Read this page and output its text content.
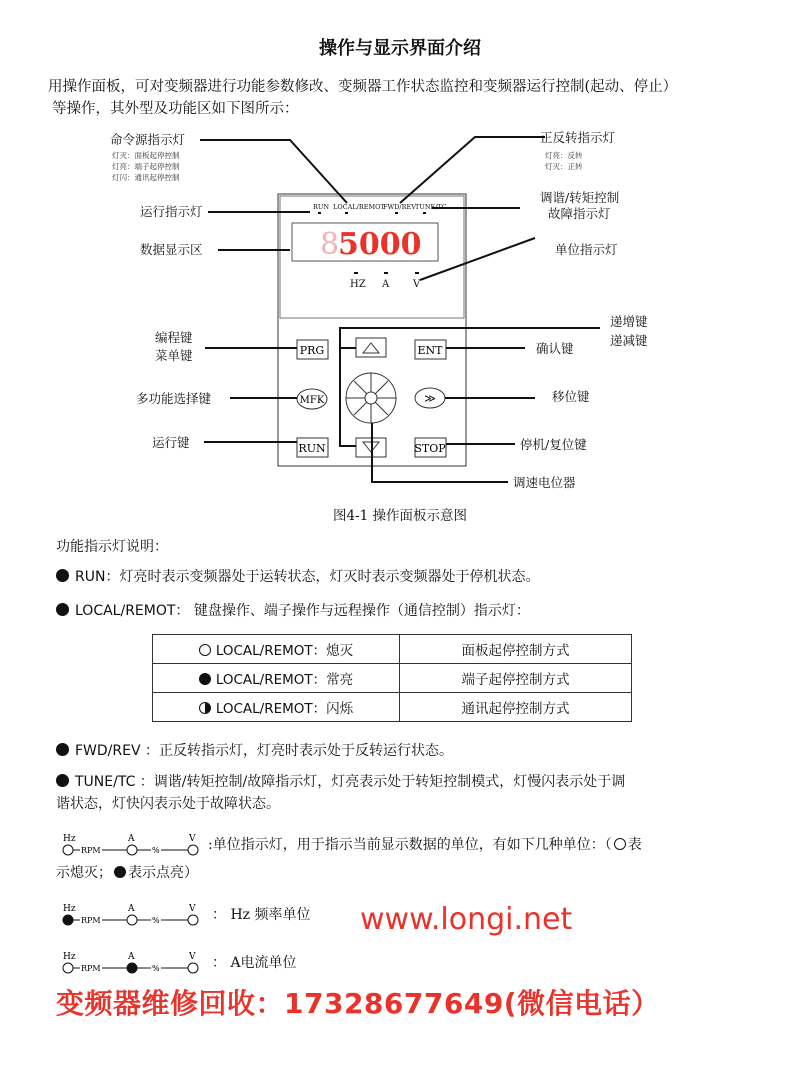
操作与显示界面介绍
用操作面板，可对变频器进行功能参数修改、变频器工作状态监控和变频器运行控制(起动、停止）
等操作，其外型及功能区如下图所示：
RUN LOCAL/REMOT
FWD/REV TUNE/TC
8
5000
HZ A V
PRG	ENT
MFK	≫
RUN	STOP
命令源指示灯
运行指示灯
数据显示区
编程键
菜单键
多功能选择键
运行键
灯灭：面板起停控制
灯亮：端子起停控制
灯闪：通讯起停控制
正反转指示灯
调谐/转矩控制
故障指示灯
单位指示灯
递增键
递减键
确认键
移位键
停机/复位键
调速电位器
灯亮：反转
灯灭：正转
图4-1 操作面板示意图
功能指示灯说明：
RUN：灯亮时表示变频器处于运转状态，灯灭时表示变频器处于停机状态。
LOCAL/REMOT： 键盘操作、端子操作与远程操作（通信控制）指示灯：
LOCAL/REMOT：熄灭	面板起停控制方式
LOCAL/REMOT：常亮	端子起停控制方式
LOCAL/REMOT：闪烁	通讯起停控制方式
FWD/REV ：正反转指示灯，灯亮时表示处于反转运行状态。
TUNE/TC ：调谐/转矩控制/故障指示灯，灯亮表示处于转矩控制模式，灯慢闪表示处于调
谐状态，灯快闪表示处于故障状态。
Hz	A	V
RPM	%	:单位指示灯，用于指示当前显示数据的单位，有如下几种单位：（ 表
示熄灭； 表示点亮）
Hz	A	V
RPM	%	： Hz 频率单位 www.longi.net
Hz	A	V
RPM	%	： A电流单位
变频器维修回收：17328677649(微信电话）
